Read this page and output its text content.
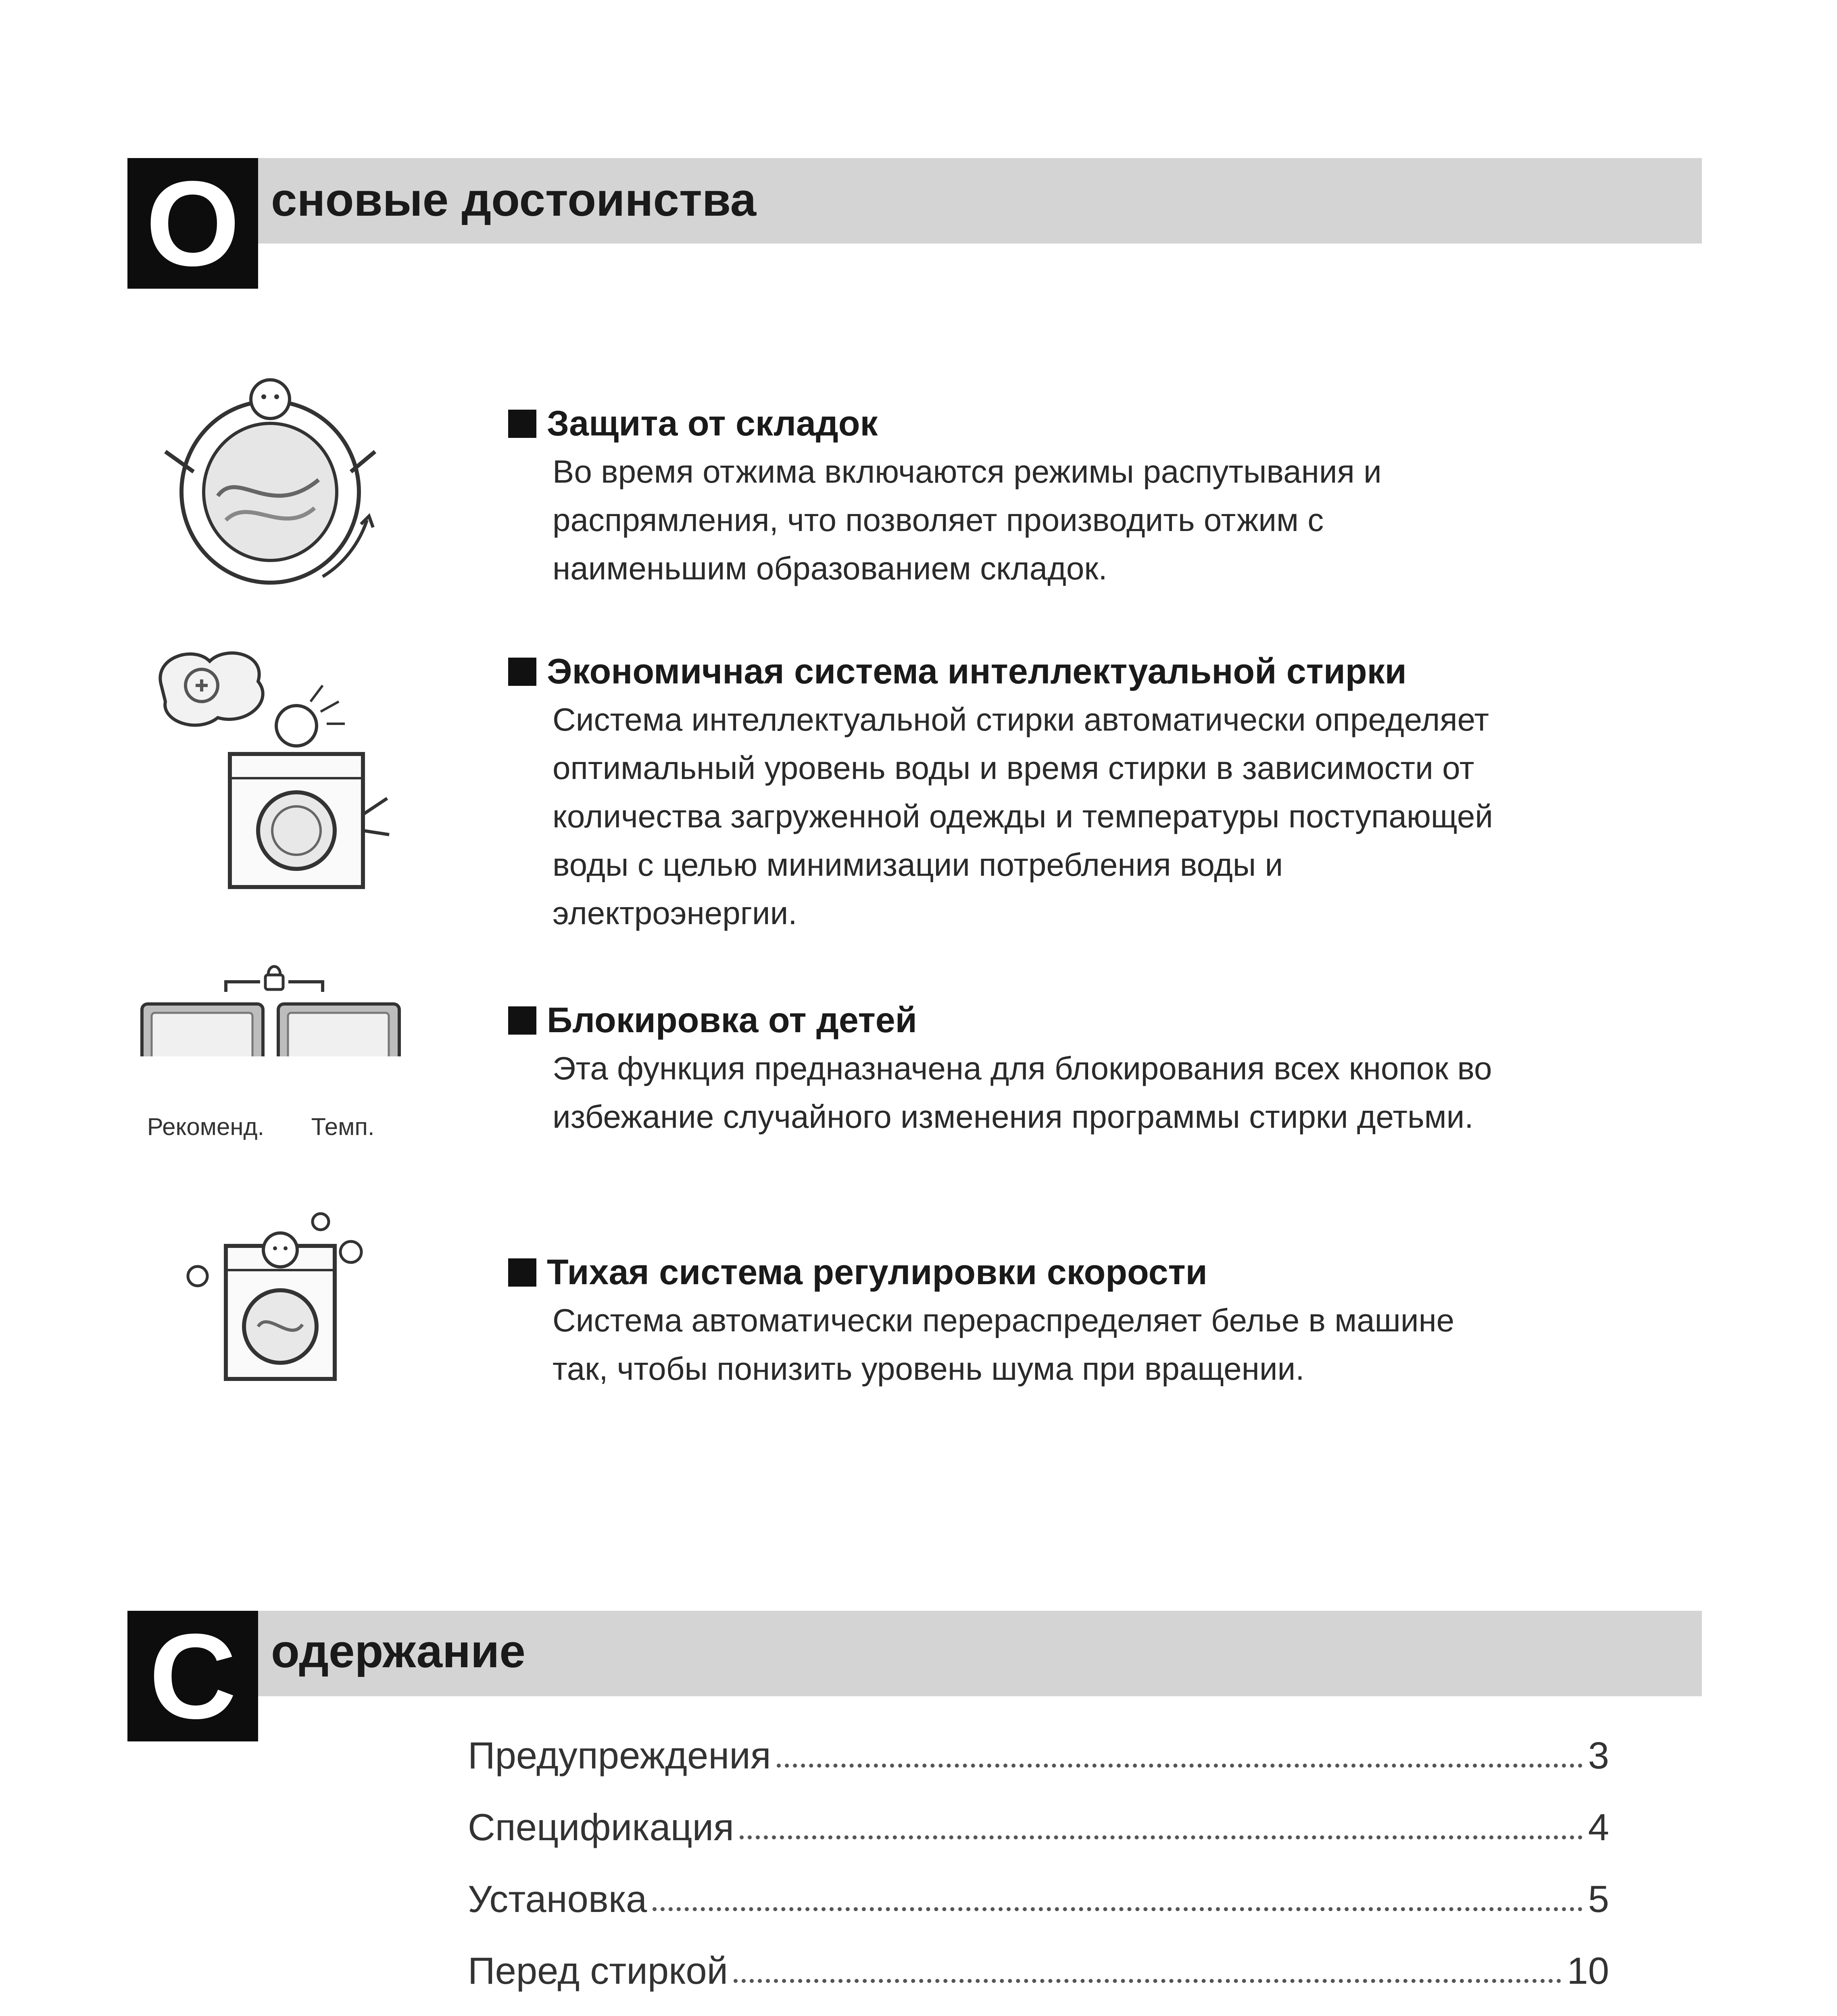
О сновые достоинства
Защита от складок
Во время отжима включаются режимы распутывания и
распрямления, что позволяет производить отжим с
наименьшим образованием складок.
Экономичная система интеллектуальной стирки
Система интеллектуальной стирки автоматически определяет
оптимальный уровень воды и время стирки в зависимости от
количества загруженной одежды и температуры поступающей
воды с целью минимизации потребления воды и
электроэнергии.
Рекоменд.	Темп.
Блокировка от детей
Эта функция предназначена для блокирования всех кнопок во
избежание случайного изменения программы стирки детьми.
Тихая система регулировки скорости
Система автоматически перераспределяет белье в машине
так, чтобы понизить уровень шума при вращении.
С одержание
Предупреждения	3
Спецификация	4
Установка	5
Перед стиркой	10
